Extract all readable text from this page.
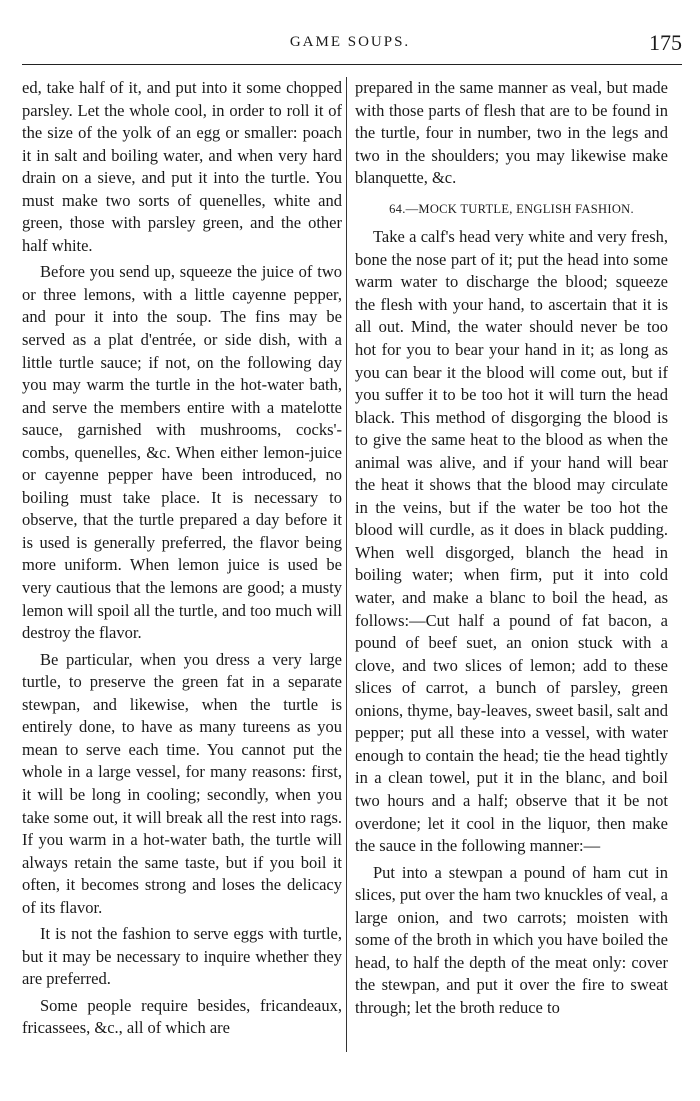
GAME SOUPS.	175

ed, take half of it, and put into it some chopped parsley. Let the whole cool, in order to roll it of the size of the yolk of an egg or smaller: poach it in salt and boiling water, and when very hard drain on a sieve, and put it into the turtle. You must make two sorts of quenelles, white and green, those with parsley green, and the other half white.

Before you send up, squeeze the juice of two or three lemons, with a little cayenne pepper, and pour it into the soup. The fins may be served as a plat d'entrée, or side dish, with a little turtle sauce; if not, on the following day you may warm the turtle in the hot-water bath, and serve the members entire with a matelotte sauce, garnished with mushrooms, cocks'-combs, quenelles, &c. When either lemon-juice or cayenne pepper have been introduced, no boiling must take place. It is necessary to observe, that the turtle prepared a day before it is used is generally preferred, the flavor being more uniform. When lemon juice is used be very cautious that the lemons are good; a musty lemon will spoil all the turtle, and too much will destroy the flavor.

Be particular, when you dress a very large turtle, to preserve the green fat in a separate stewpan, and likewise, when the turtle is entirely done, to have as many tureens as you mean to serve each time. You cannot put the whole in a large vessel, for many reasons: first, it will be long in cooling; secondly, when you take some out, it will break all the rest into rags. If you warm in a hot-water bath, the turtle will always retain the same taste, but if you boil it often, it becomes strong and loses the delicacy of its flavor.

It is not the fashion to serve eggs with turtle, but it may be necessary to inquire whether they are preferred.

Some people require besides, fricandeaux, fricassees, &c., all of which are

prepared in the same manner as veal, but made with those parts of flesh that are to be found in the turtle, four in number, two in the legs and two in the shoulders; you may likewise make blanquette, &c.

64.—MOCK TURTLE, ENGLISH FASHION.

Take a calf's head very white and very fresh, bone the nose part of it; put the head into some warm water to discharge the blood; squeeze the flesh with your hand, to ascertain that it is all out. Mind, the water should never be too hot for you to bear your hand in it; as long as you can bear it the blood will come out, but if you suffer it to be too hot it will turn the head black. This method of disgorging the blood is to give the same heat to the blood as when the animal was alive, and if your hand will bear the heat it shows that the blood may circulate in the veins, but if the water be too hot the blood will curdle, as it does in black pudding. When well disgorged, blanch the head in boiling water; when firm, put it into cold water, and make a blanc to boil the head, as follows:—Cut half a pound of fat bacon, a pound of beef suet, an onion stuck with a clove, and two slices of lemon; add to these slices of carrot, a bunch of parsley, green onions, thyme, bay-leaves, sweet basil, salt and pepper; put all these into a vessel, with water enough to contain the head; tie the head tightly in a clean towel, put it in the blanc, and boil two hours and a half; observe that it be not overdone; let it cool in the liquor, then make the sauce in the following manner:—

Put into a stewpan a pound of ham cut in slices, put over the ham two knuckles of veal, a large onion, and two carrots; moisten with some of the broth in which you have boiled the head, to half the depth of the meat only: cover the stewpan, and put it over the fire to sweat through; let the broth reduce to
